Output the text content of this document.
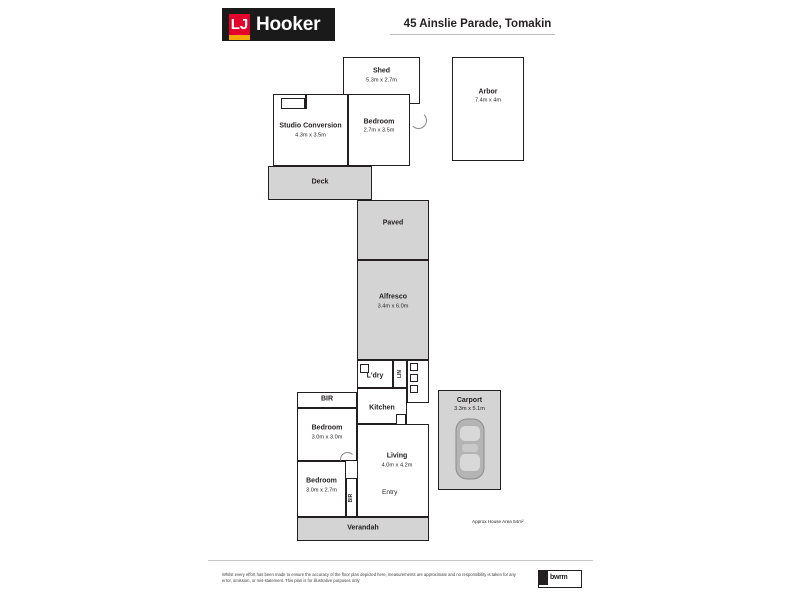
LJ Hooker	45 Ainslie Parade, Tomakin
Shed
5.3m x 2.7m
Arbor
7.4m x 4m
Studio Conversion
4.3m x 3.5m
Bedroom
2.7m x 3.5m
Deck
Paved
Alfresco
3.4m x 6.0m
L'dry	LIN
Kitchen
BIR
Bedroom
3.0m x 3.0m
Bedroom
3.0m x 2.7m
BIR
Living
4.0m x 4.2m
Entry
Carport
3.3m x 5.1m
Verandah
Approx House Area 54m²
Whilst every effort has been made to ensure the accuracy of the floor plan depicted here, measurements are approximate and no responsibility is taken for any error, omission, or mis-statement. This plan is for illustrative purposes only.	bwrm
